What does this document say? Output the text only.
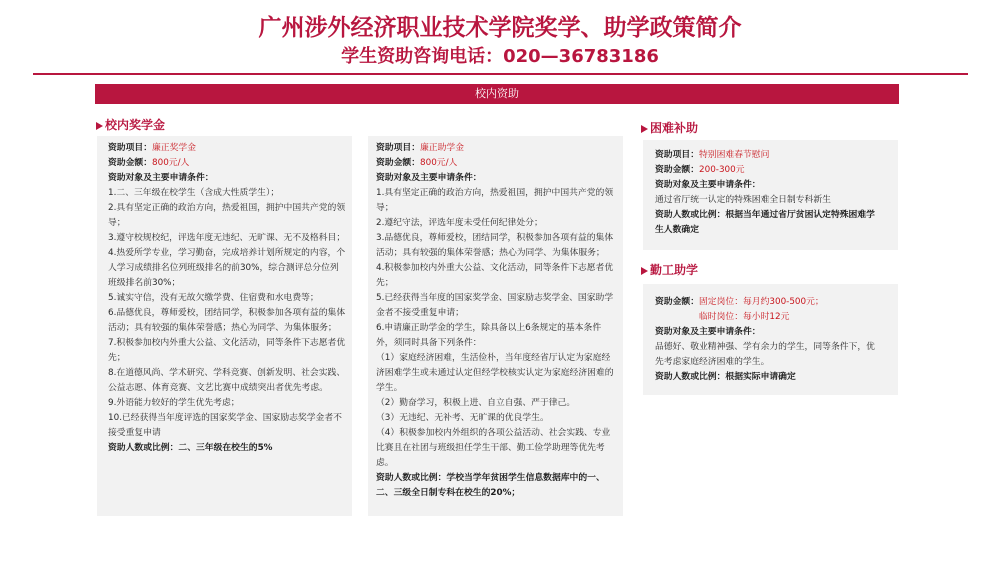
广州涉外经济职业技术学院奖学、助学政策简介
学生资助咨询电话：020—36783186
校内资助
校内奖学金
资助项目：廉正奖学金
资助金额：800元/人
资助对象及主要申请条件：
1.二、三年级在校学生（含成大性质学生）；
2.具有坚定正确的政治方向，热爱祖国，拥护中国共产党的领导；
3.遵守校规校纪，评选年度无违纪、无旷课、无不及格科目；
4.热爱所学专业，学习勤奋，完成培养计划所规定的内容，个人学习成绩排名位列班级排名的前30%，综合测评总分位列班级排名前30%；
5.诚实守信，没有无故欠缴学费、住宿费和水电费等；
6.品德优良，尊师爱校，团结同学，积极参加各项有益的集体活动；具有较强的集体荣誉感；热心为同学、为集体服务；
7.积极参加校内外重大公益、文化活动，同等条件下志愿者优先；
8.在道德风尚、学术研究、学科竞赛、创新发明、社会实践、公益志愿、体育竞赛、文艺比赛中成绩突出者优先考虑。
9.外语能力较好的学生优先考虑；
10.已经获得当年度评选的国家奖学金、国家励志奖学金者不接受重复申请
资助人数或比例：二、三年级在校生的5%
资助项目：廉正助学金
资助金额：800元/人
资助对象及主要申请条件：
1.具有坚定正确的政治方向，热爱祖国，拥护中国共产党的领导；
2.遵纪守法，评选年度未受任何纪律处分；
3.品德优良，尊师爱校，团结同学，积极参加各项有益的集体活动；具有较强的集体荣誉感；热心为同学、为集体服务；
4.积极参加校内外重大公益、文化活动，同等条件下志愿者优先；
5.已经获得当年度的国家奖学金、国家励志奖学金、国家助学金者不接受重复申请；
6.申请廉正助学金的学生，除具备以上6条规定的基本条件外，须同时具备下列条件：
（1）家庭经济困难，生活俭朴，当年度经省厅认定为家庭经济困难学生或未通过认定但经学校核实认定为家庭经济困难的学生。
（2）勤奋学习，积极上进、自立自强、严于律己。
（3）无违纪、无补考、无旷课的优良学生。
（4）积极参加校内外组织的各项公益活动、社会实践、专业比赛且在社团与班级担任学生干部、勤工俭学助理等优先考虑。
资助人数或比例：学校当学年贫困学生信息数据库中的一、二、三级全日制专科在校生的20%；
困难补助
资助项目：特别困难春节慰问
资助金额：200-300元
资助对象及主要申请条件：
通过省厅统一认定的特殊困难全日制专科新生
资助人数或比例：根据当年通过省厅贫困认定特殊困难学生人数确定
勤工助学
资助金额：固定岗位：每月约300-500元；
临时岗位：每小时12元
资助对象及主要申请条件：
品德好、敬业精神强、学有余力的学生，同等条件下，优先考虑家庭经济困难的学生。
资助人数或比例：根据实际申请确定
